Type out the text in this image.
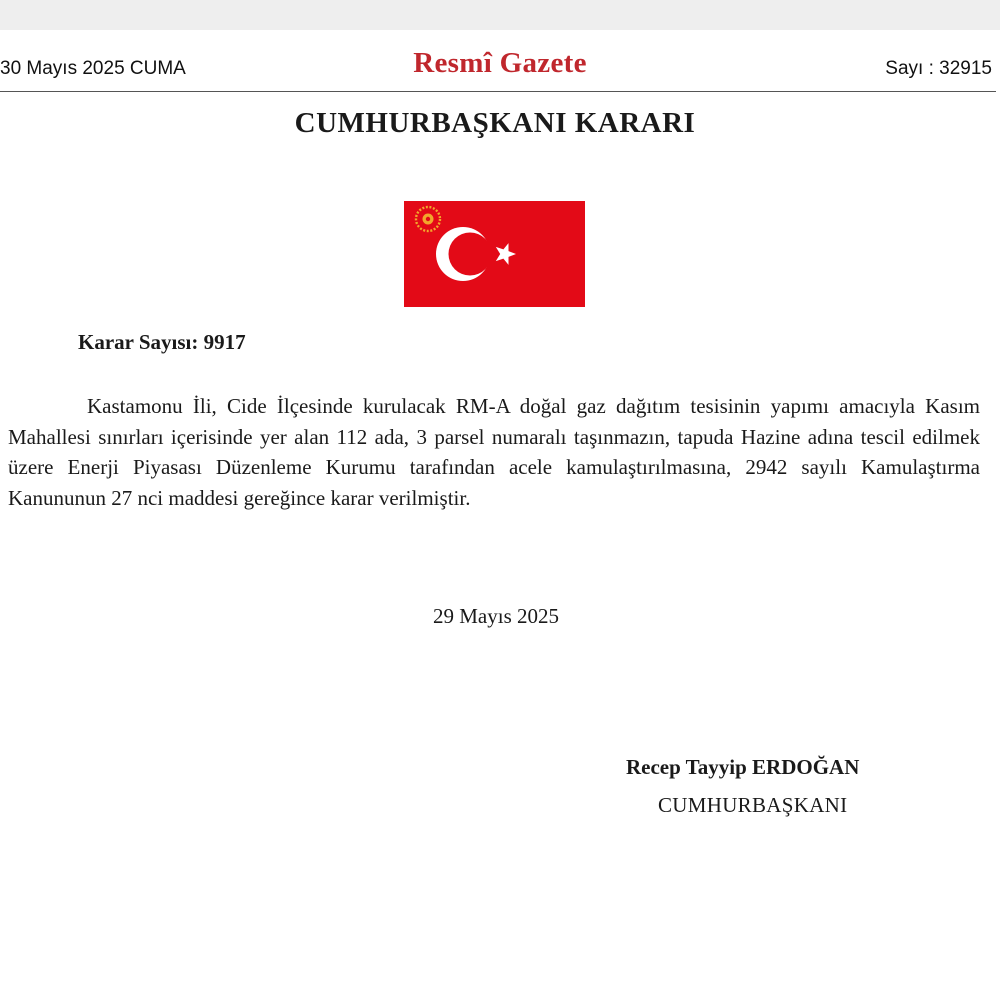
30 Mayıs 2025 CUMA	Resmî Gazete	Sayı : 32915
CUMHURBAŞKANI KARARI
Karar Sayısı: 9917

Kastamonu İli, Cide İlçesinde kurulacak RM-A doğal gaz dağıtım tesisinin yapımı amacıyla Kasım Mahallesi sınırları içerisinde yer alan 112 ada, 3 parsel numaralı taşınmazın, tapuda Hazine adına tescil edilmek üzere Enerji Piyasası Düzenleme Kurumu tarafından acele kamulaştırılmasına, 2942 sayılı Kamulaştırma Kanununun 27 nci maddesi gereğince karar verilmiştir.

29 Mayıs 2025
Recep Tayyip ERDOĞAN
CUMHURBAŞKANI
